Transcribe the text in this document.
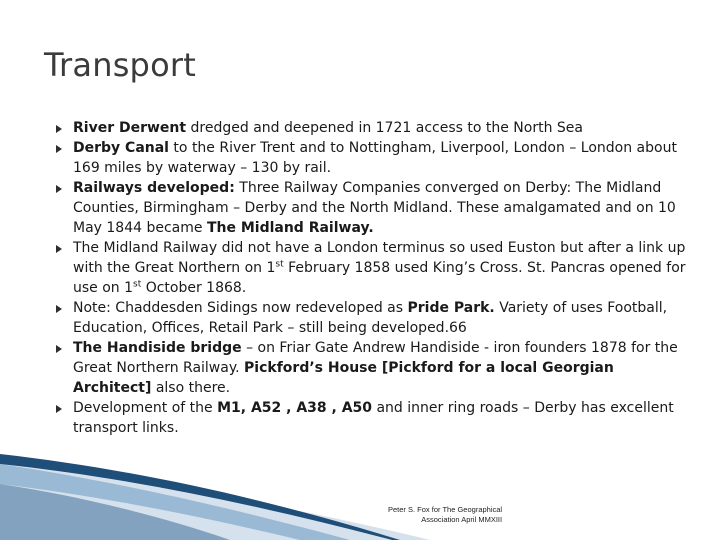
Transport
River Derwent dredged and deepened in 1721 access to the North Sea
Derby Canal to the River Trent and to Nottingham, Liverpool, London – London about 169 miles by waterway – 130 by rail.
Railways developed: Three Railway Companies converged on Derby: The Midland Counties, Birmingham – Derby and the North Midland. These amalgamated and on 10 May 1844 became The Midland Railway.
The Midland Railway did not have a London terminus so used Euston but after a link up with the Great Northern on 1st February 1858 used King’s Cross. St. Pancras opened for use on 1st October 1868.
Note: Chaddesden Sidings now redeveloped as Pride Park. Variety of uses Football, Education, Offices, Retail Park – still being developed.66
The Handiside bridge – on Friar Gate Andrew Handiside - iron founders 1878 for the Great Northern Railway. Pickford’s House [Pickford for a local Georgian Architect] also there.
Development of the M1, A52 , A38 , A50 and inner ring roads – Derby has excellent transport links.
Peter S. Fox for The Geographical
Association April MMXIII
